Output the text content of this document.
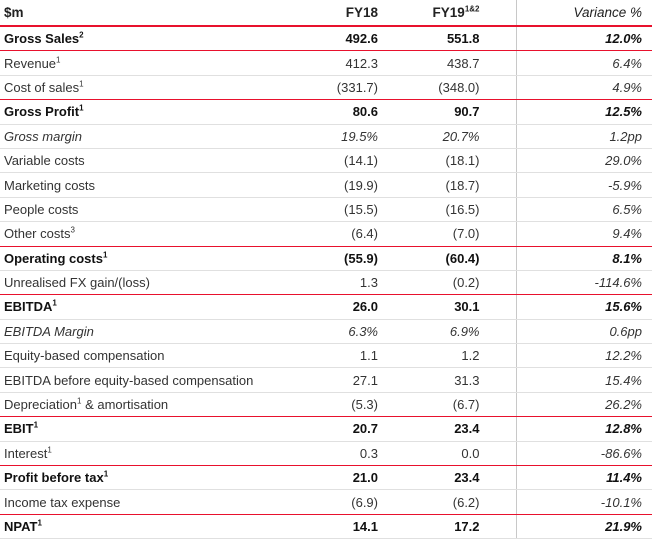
$m	FY18	$FY19^{1\&2}$	Variance %
Gross Sales$^2$	492.6	551.8	12.0%
Revenue$^1$	412.3	438.7	6.4%
Cost of sales$^1$	(331.7)	(348.0)	4.9%
Gross Profit$^1$	80.6	90.7	12.5%
Gross margin	19.5%	20.7%	1.2pp
Variable costs	(14.1)	(18.1)	29.0%
Marketing costs	(19.9)	(18.7)	-5.9%
People costs	(15.5)	(16.5)	6.5%
Other costs$^3$	(6.4)	(7.0)	9.4%
Operating costs$^1$	(55.9)	(60.4)	8.1%
Unrealised FX gain/(loss)	1.3	(0.2)	-114.6%
EBITDA$^1$	26.0	30.1	15.6%
EBITDA Margin	6.3%	6.9%	0.6pp
Equity-based compensation	1.1	1.2	12.2%
EBITDA before equity-based compensation	27.1	31.3	15.4%
Depreciation$^1$ & amortisation	(5.3)	(6.7)	26.2%
EBIT$^1$	20.7	23.4	12.8%
Interest$^1$	0.3	0.0	-86.6%
Profit before tax$^1$	21.0	23.4	11.4%
Income tax expense	(6.9)	(6.2)	-10.1%
NPAT$^1$	14.1	17.2	21.9%
